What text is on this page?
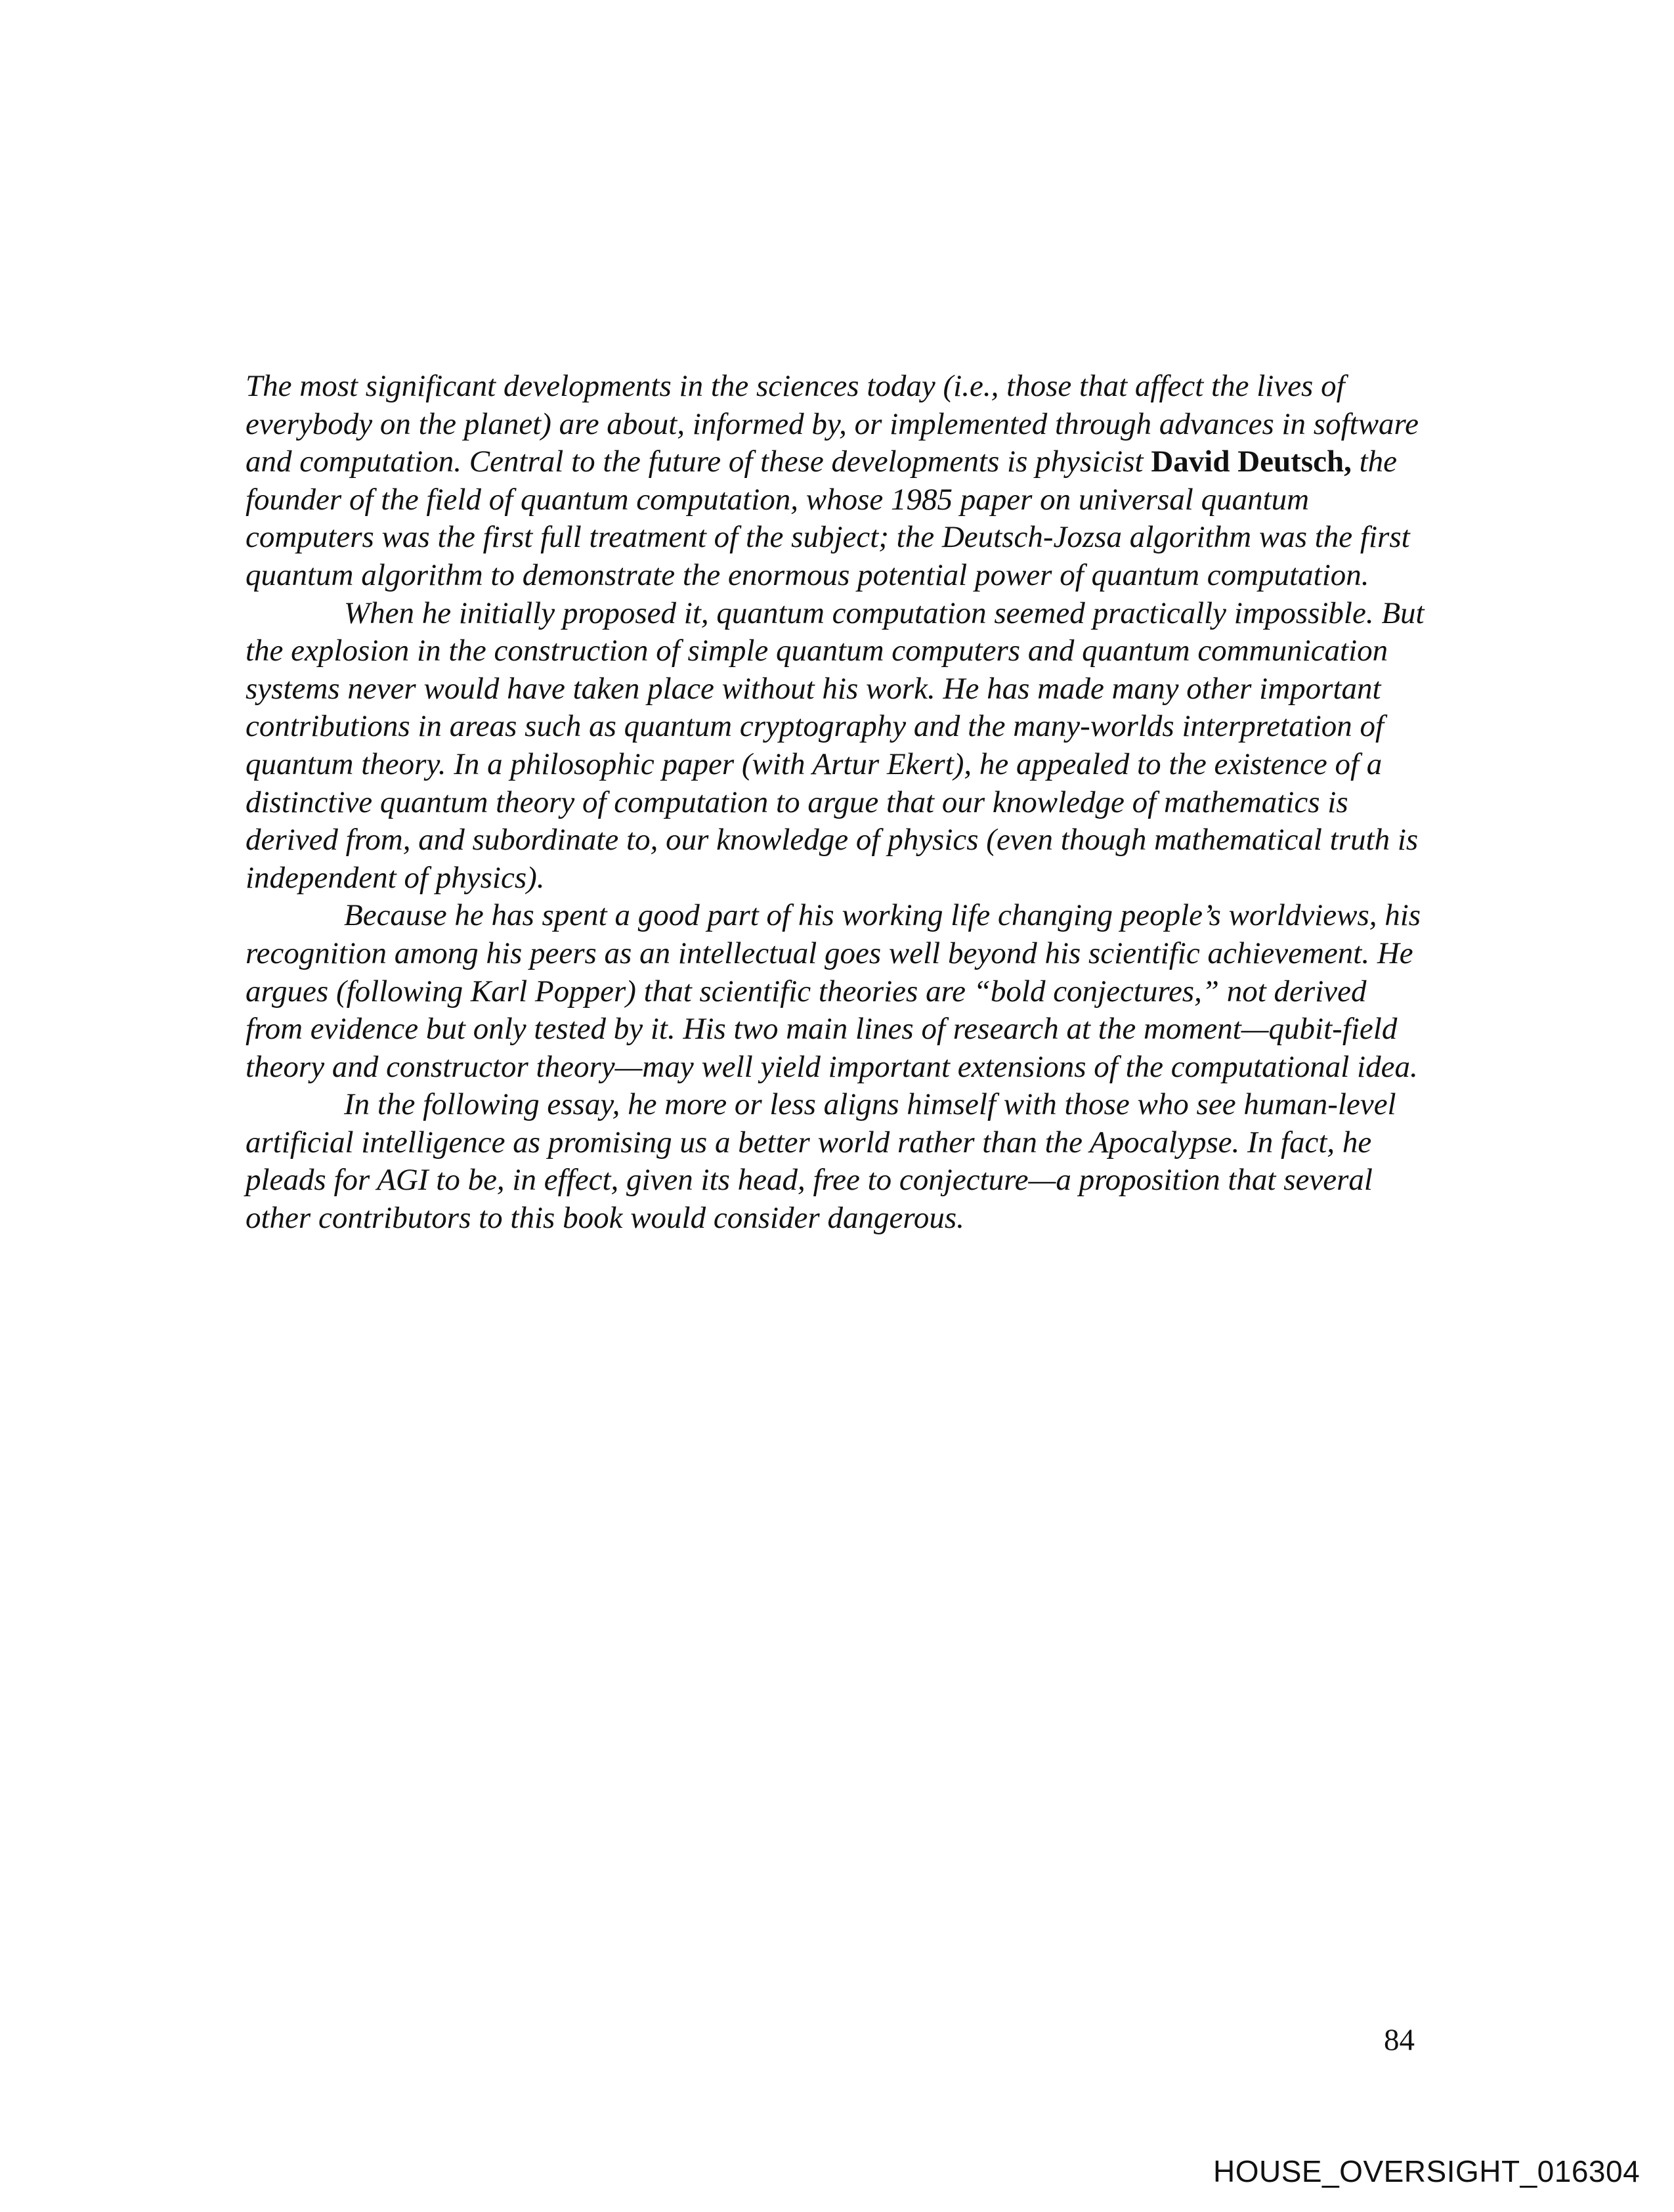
The most significant developments in the sciences today (i.e., those that affect the lives of everybody on the planet) are about, informed by, or implemented through advances in software and computation. Central to the future of these developments is physicist David Deutsch, the founder of the field of quantum computation, whose 1985 paper on universal quantum computers was the first full treatment of the subject; the Deutsch-Jozsa algorithm was the first quantum algorithm to demonstrate the enormous potential power of quantum computation.

When he initially proposed it, quantum computation seemed practically impossible. But the explosion in the construction of simple quantum computers and quantum communication systems never would have taken place without his work. He has made many other important contributions in areas such as quantum cryptography and the many-worlds interpretation of quantum theory. In a philosophic paper (with Artur Ekert), he appealed to the existence of a distinctive quantum theory of computation to argue that our knowledge of mathematics is derived from, and subordinate to, our knowledge of physics (even though mathematical truth is independent of physics).

Because he has spent a good part of his working life changing people’s worldviews, his recognition among his peers as an intellectual goes well beyond his scientific achievement. He argues (following Karl Popper) that scientific theories are “bold conjectures,” not derived from evidence but only tested by it. His two main lines of research at the moment—qubit-field theory and constructor theory—may well yield important extensions of the computational idea.

In the following essay, he more or less aligns himself with those who see human-level artificial intelligence as promising us a better world rather than the Apocalypse. In fact, he pleads for AGI to be, in effect, given its head, free to conjecture—a proposition that several other contributors to this book would consider dangerous.

84
HOUSE_OVERSIGHT_016304
